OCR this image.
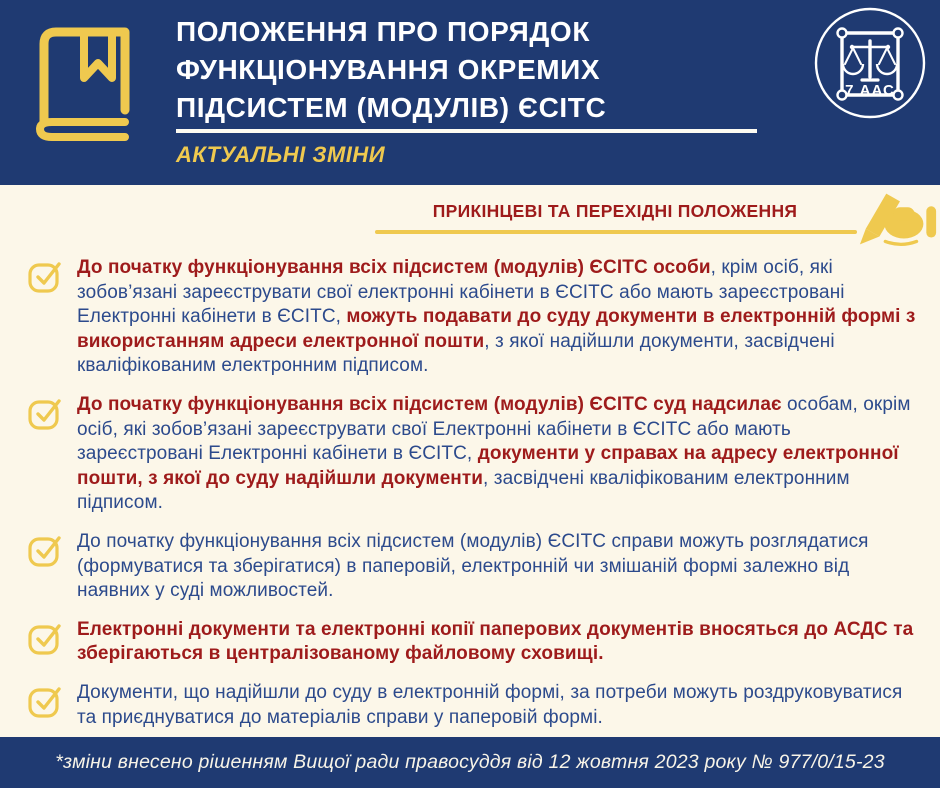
ПОЛОЖЕННЯ ПРО ПОРЯДОК
ФУНКЦІОНУВАННЯ ОКРЕМИХ
ПІДСИСТЕМ (МОДУЛІВ) ЄСІТС
АКТУАЛЬНІ ЗМІНИ
7 ААС
ПРИКІНЦЕВІ ТА ПЕРЕХІДНІ ПОЛОЖЕННЯ
До початку функціонування всіх підсистем (модулів) ЄСІТС особи, крім осіб, які зобов’язані зареєструвати свої електронні кабінети в ЄСІТС або мають зареєстровані Електронні кабінети в ЄСІТС, можуть подавати до суду документи в електронній формі з використанням адреси електронної пошти, з якої надійшли документи, засвідчені кваліфікованим електронним підписом.
До початку функціонування всіх підсистем (модулів) ЄСІТС суд надсилає особам, окрім осіб, які зобов’язані зареєструвати свої Електронні кабінети в ЄСІТС або мають зареєстровані Електронні кабінети в ЄСІТС, документи у справах на адресу електронної пошти, з якої до суду надійшли документи, засвідчені кваліфікованим електронним підписом.
До початку функціонування всіх підсистем (модулів) ЄСІТС справи можуть розглядатися (формуватися та зберігатися) в паперовій, електронній чи змішаній формі залежно від наявних у суді можливостей.
Електронні документи та електронні копії паперових документів вносяться до АСДС та зберігаються в централізованому файловому сховищі.
Документи, що надійшли до суду в електронній формі, за потреби можуть роздруковуватися та приєднуватися до матеріалів справи у паперовій формі.
*зміни внесено рішенням Вищої ради правосуддя від 12 жовтня 2023 року № 977/0/15-23
